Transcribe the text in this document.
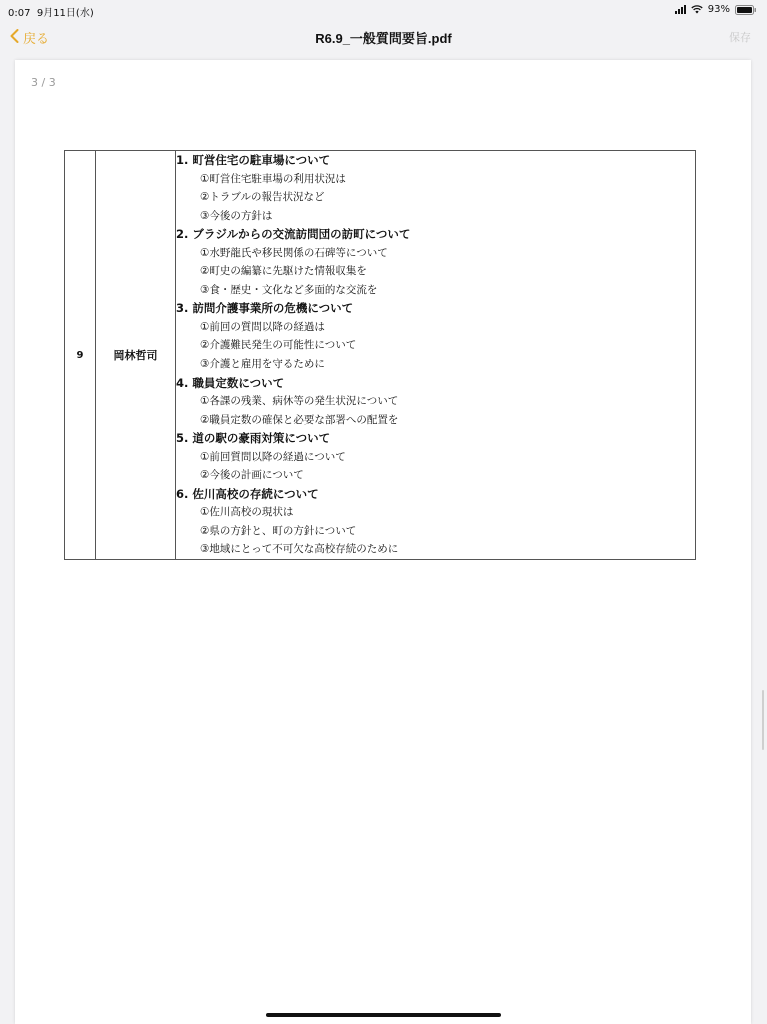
0:07 9月11日(水)	93%
戻る	R6.9_一般質問要旨.pdf	保存
3 / 3
9	岡林哲司	
1. 町営住宅の駐車場について
①町営住宅駐車場の利用状況は
②トラブルの報告状況など
③今後の方針は
2. ブラジルからの交流訪問団の訪町について
①水野龍氏や移民関係の石碑等について
②町史の編纂に先駆けた情報収集を
③食・歴史・文化など多面的な交流を
3. 訪問介護事業所の危機について
①前回の質問以降の経過は
②介護難民発生の可能性について
③介護と雇用を守るために
4. 職員定数について
①各課の残業、病休等の発生状況について
②職員定数の確保と必要な部署への配置を
5. 道の駅の豪雨対策について
①前回質問以降の経過について
②今後の計画について
6. 佐川高校の存続について
①佐川高校の現状は
②県の方針と、町の方針について
③地域にとって不可欠な高校存続のために
